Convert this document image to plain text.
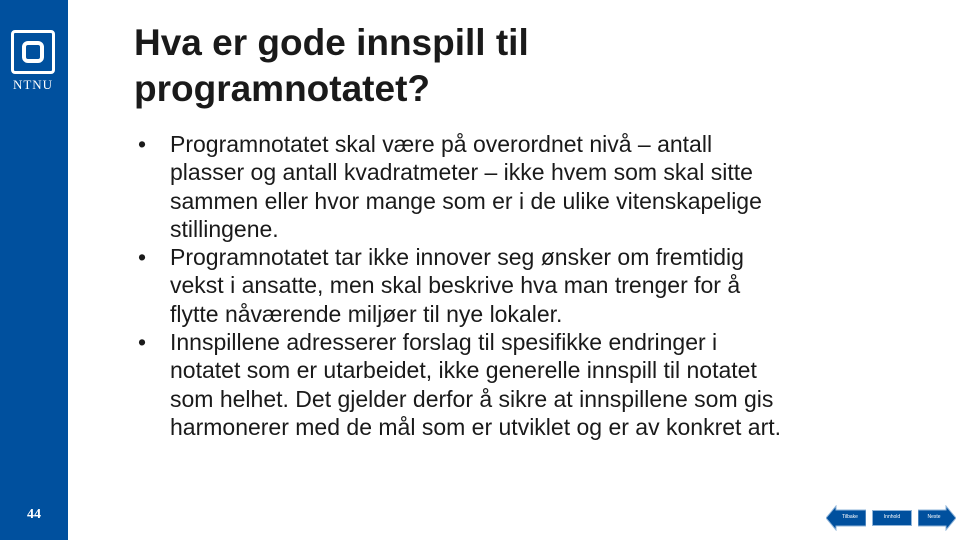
NTNU
44
Hva er gode innspill til
programnotatet?
• Programnotatet skal være på overordnet nivå – antall
plasser og antall kvadratmeter – ikke hvem som skal sitte
sammen eller hvor mange som er i de ulike vitenskapelige
stillingene.
• Programnotatet tar ikke innover seg ønsker om fremtidig
vekst i ansatte, men skal beskrive hva man trenger for å
flytte nåværende miljøer til nye lokaler.
• Innspillene adresserer forslag til spesifikke endringer i
notatet som er utarbeidet, ikke generelle innspill til notatet
som helhet. Det gjelder derfor å sikre at innspillene som gis
harmonerer med de mål som er utviklet og er av konkret art.
Tilbake	Innhold	Neste
